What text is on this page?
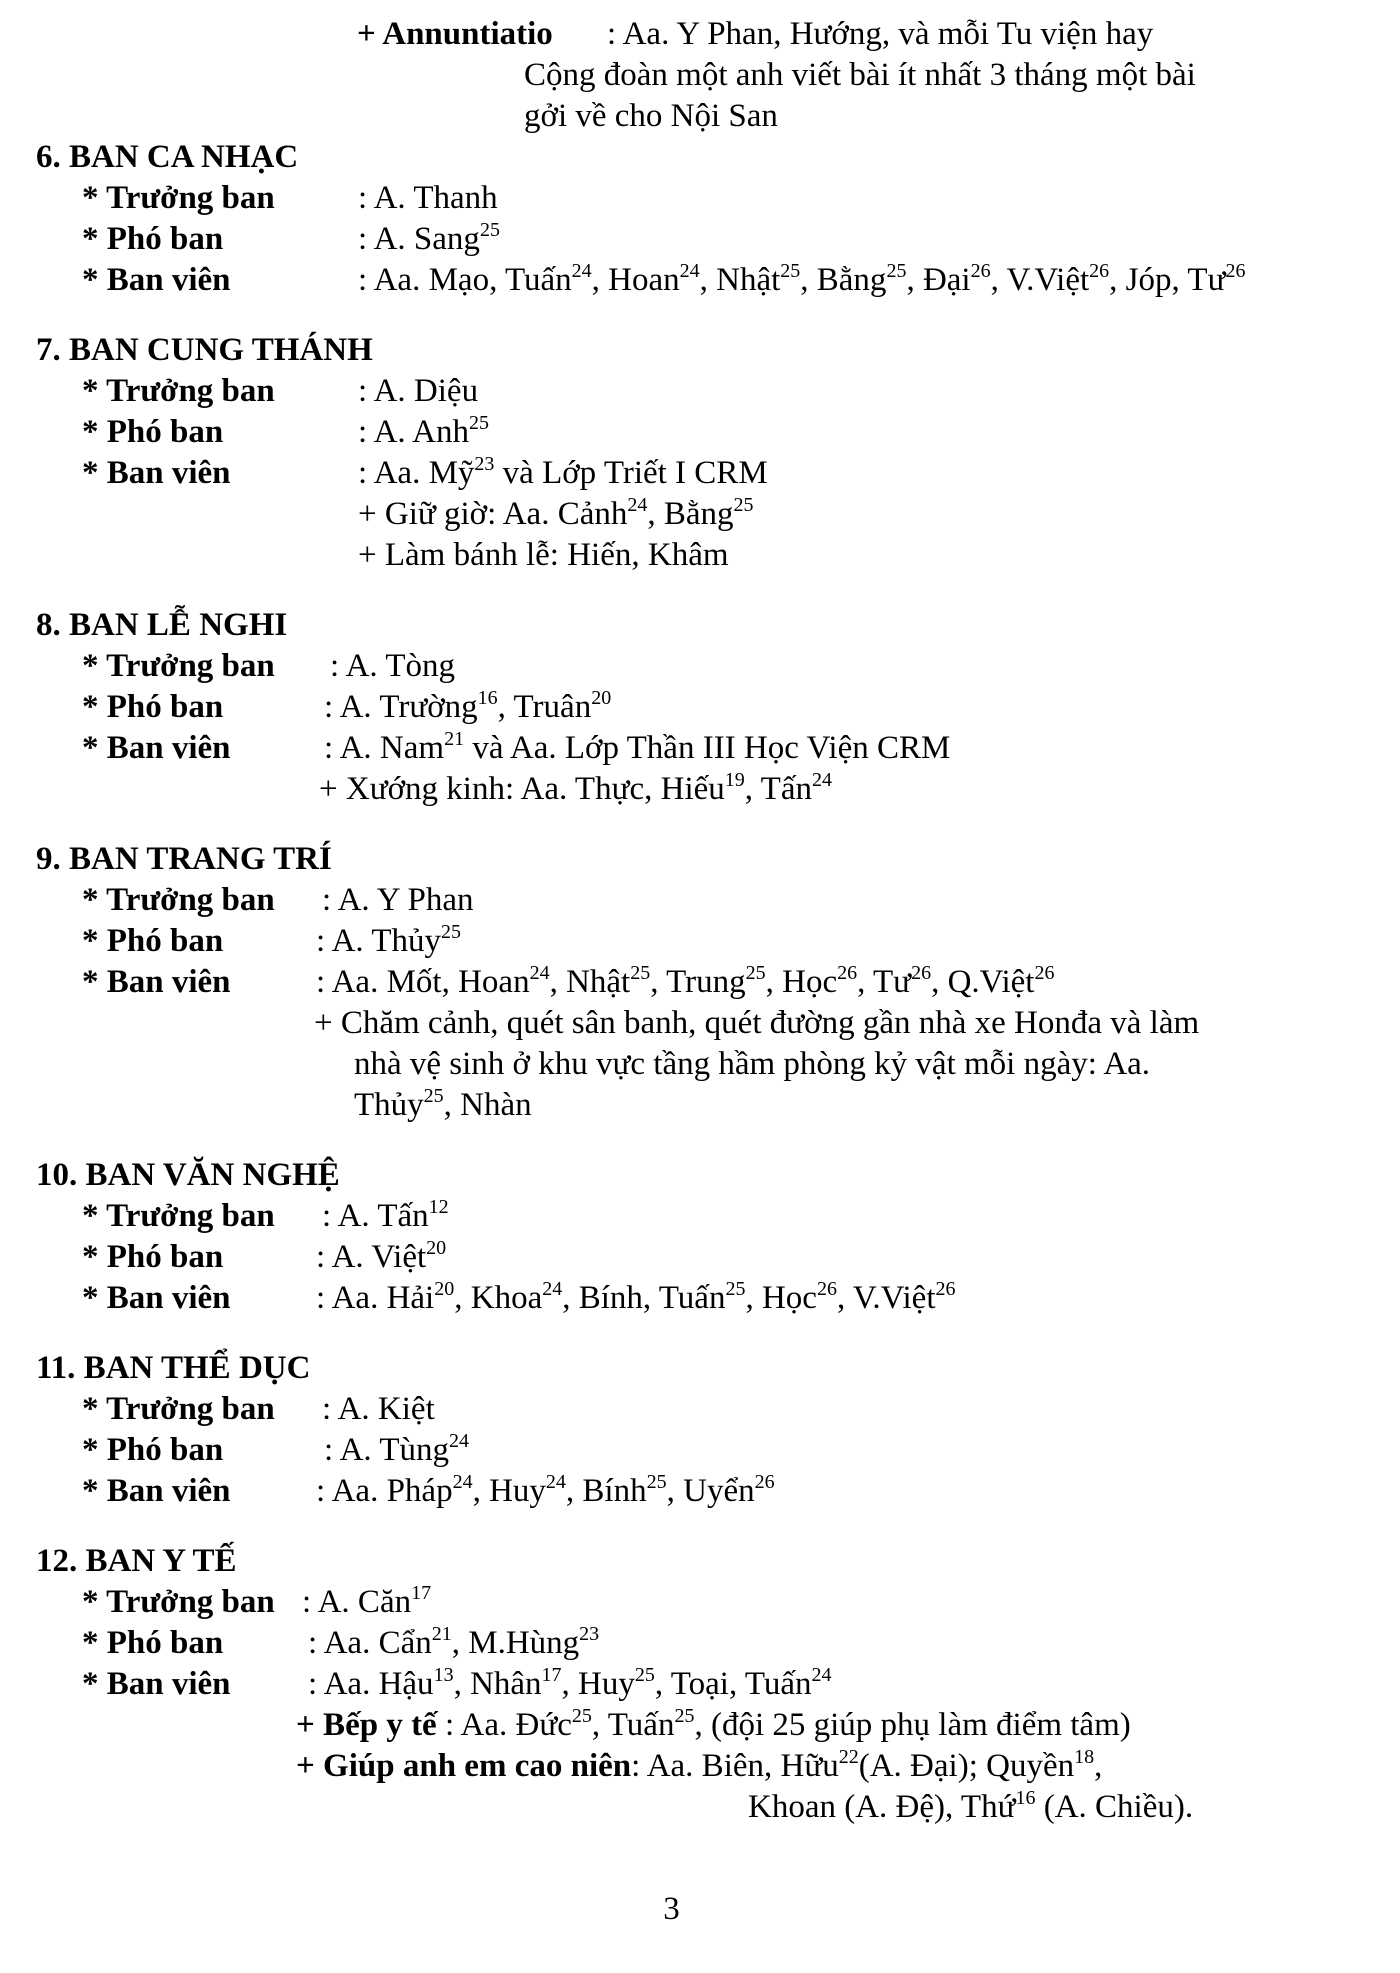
+ Annuntiatio : Aa. Y Phan, Hướng, và mỗi Tu viện hay
Cộng đoàn một anh viết bài ít nhất 3 tháng một bài
gởi về cho Nội San
6. BAN CA NHẠC
* Trưởng ban	: A. Thanh
* Phó ban	: A. Sang$^{25}$
* Ban viên	: Aa. Mạo, Tuấn$^{24}$, Hoan$^{24}$, Nhật$^{25}$, Bằng$^{25}$, Đại$^{26}$, V.Việt$^{26}$, Jóp, $Tư^{26}$
7. BAN CUNG THÁNH
* Trưởng ban	: A. Diệu
* Phó ban	: A. Anh$^{25}$
* Ban viên	: Aa. Mỹ$^{23}$ và Lớp Triết I CRM
+ Giữ giờ: Aa. Cảnh$^{24}$, Bằng$^{25}$
+ Làm bánh lễ: Hiến, Khâm
8. BAN LỄ NGHI
* Trưởng ban : A. Tòng
* Phó ban	: A. Trường$^{16}$, Truân$^{20}$
* Ban viên	: A. Nam$^{21}$ và Aa. Lớp Thần III Học Viện CRM
+ Xướng kinh: Aa. Thực, Hiếu$^{19}$, Tấn$^{24}$
9. BAN TRANG TRÍ
* Trưởng ban : A. Y Phan
* Phó ban	: A. Thủy$^{25}$
* Ban viên	: Aa. Mốt, Hoan$^{24}$, Nhật$^{25}$, Trung$^{25}$, Học$^{26}$, $Tư^{26}$, Q.Việt$^{26}$
+ Chăm cảnh, quét sân banh, quét đường gần nhà xe Honđa và làm
nhà vệ sinh ở khu vực tầng hầm phòng kỷ vật mỗi ngày: Aa.
Thủy$^{25}$, Nhàn
10. BAN VĂN NGHỆ
* Trưởng ban : A. Tấn$^{12}$
* Phó ban	: A. Việt$^{20}$
* Ban viên	: Aa. Hải$^{20}$, Khoa$^{24}$, Bính, Tuấn$^{25}$, Học$^{26}$, V.Việt$^{26}$
11. BAN THỂ DỤC
* Trưởng ban : A. Kiệt
* Phó ban	: A. Tùng$^{24}$
* Ban viên	: Aa. Pháp$^{24}$, Huy$^{24}$, Bính$^{25}$, Uyển$^{26}$
12. BAN Y TẾ
* Trưởng ban : A. Căn$^{17}$
* Phó ban	: Aa. Cẩn$^{21}$, M.Hùng$^{23}$
* Ban viên : Aa. Hậu$^{13}$, Nhân$^{17}$, Huy$^{25}$, Toại, Tuấn$^{24}$
+ Bếp y tế : Aa. Đức$^{25}$, Tuấn$^{25}$, (đội 25 giúp phụ làm điểm tâm)
+ Giúp anh em cao niên: Aa. Biên, Hữu$^{22}$(A. Đại); Quyền$^{18}$,
Khoan (A. Đệ), Thứ$^{16}$ (A. Chiều).
3
